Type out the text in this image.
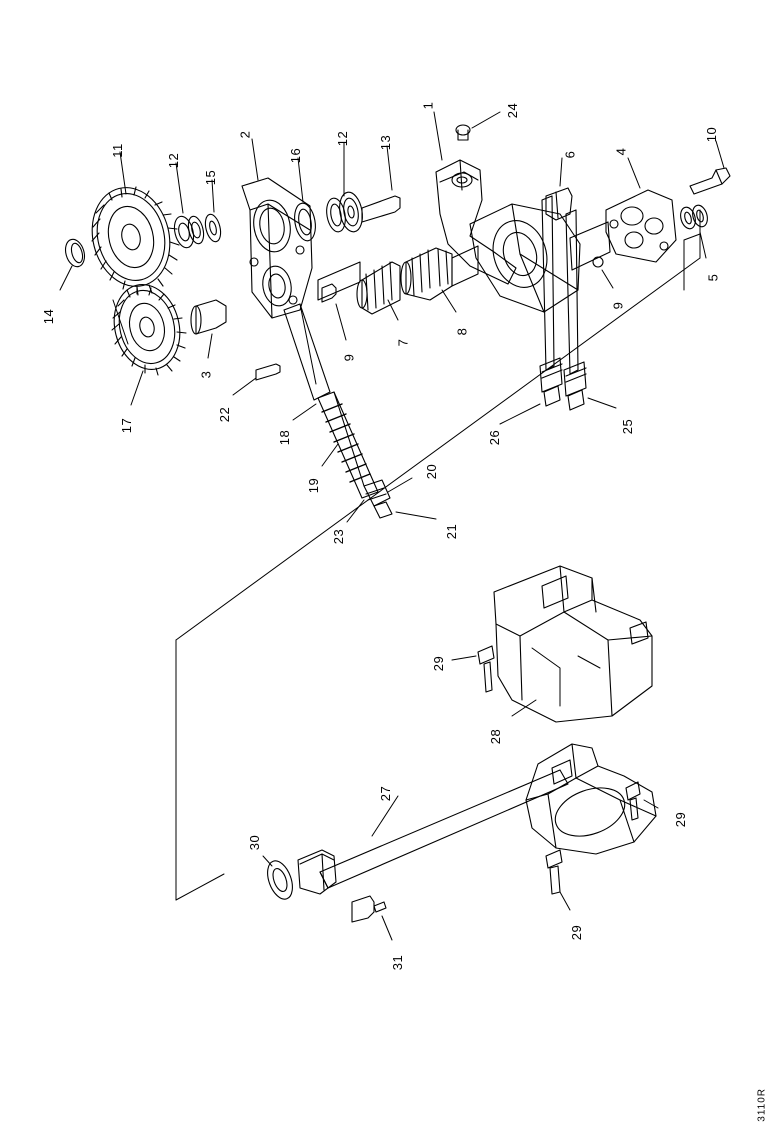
1	24
10
11
12
2
16
12 13
6	4
15
5
14
9
7
8
3
9
17
22
18	26
25
19
20
23	21
29
28
27
29
30
29
31
3110R
